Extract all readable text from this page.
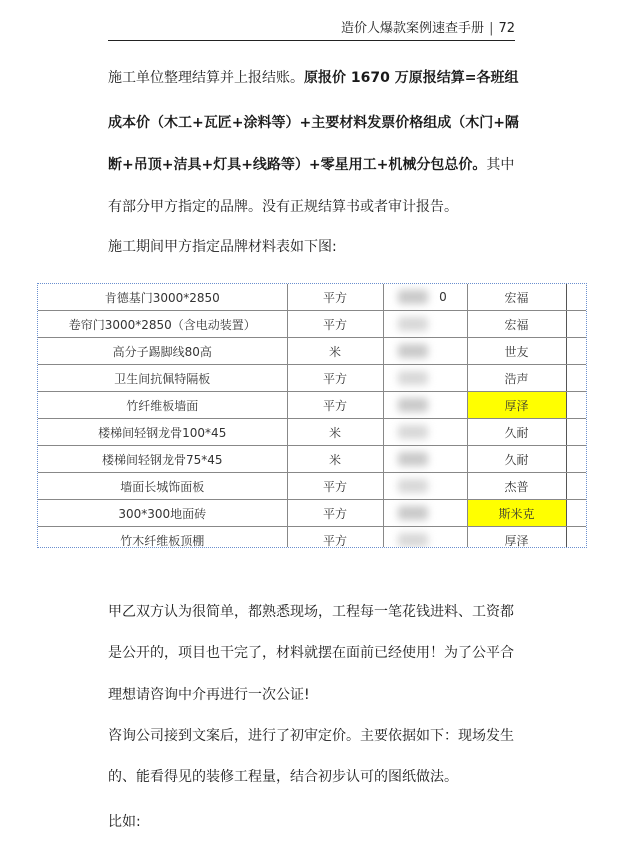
造价人爆款案例速查手册 | 72
施工单位整理结算并上报结账。原报价 1670 万原报结算=各班组
成本价（木工+瓦匠+涂料等）+主要材料发票价格组成（木门+隔
断+吊顶+洁具+灯具+线路等）+零星用工+机械分包总价。其中
有部分甲方指定的品牌。没有正规结算书或者审计报告。
施工期间甲方指定品牌材料表如下图:
肯德基门3000*2850	平方	0	宏福	
卷帘门3000*2850（含电动装置）	平方		宏福	
高分子踢脚线80高	米		世友	
卫生间抗佩特隔板	平方		浩声	
竹纤维板墙面	平方		厚泽	
楼梯间轻钢龙骨100*45	米		久耐	
楼梯间轻钢龙骨75*45	米		久耐	
墙面长城饰面板	平方		杰普	
300*300地面砖	平方		斯米克	
竹木纤维板顶棚	平方		厚泽	
甲乙双方认为很简单，都熟悉现场，工程每一笔花钱进料、工资都
是公开的，项目也干完了，材料就摆在面前已经使用！为了公平合
理想请咨询中介再进行一次公证!
咨询公司接到文案后，进行了初审定价。主要依据如下：现场发生
的、能看得见的装修工程量，结合初步认可的图纸做法。
比如:
